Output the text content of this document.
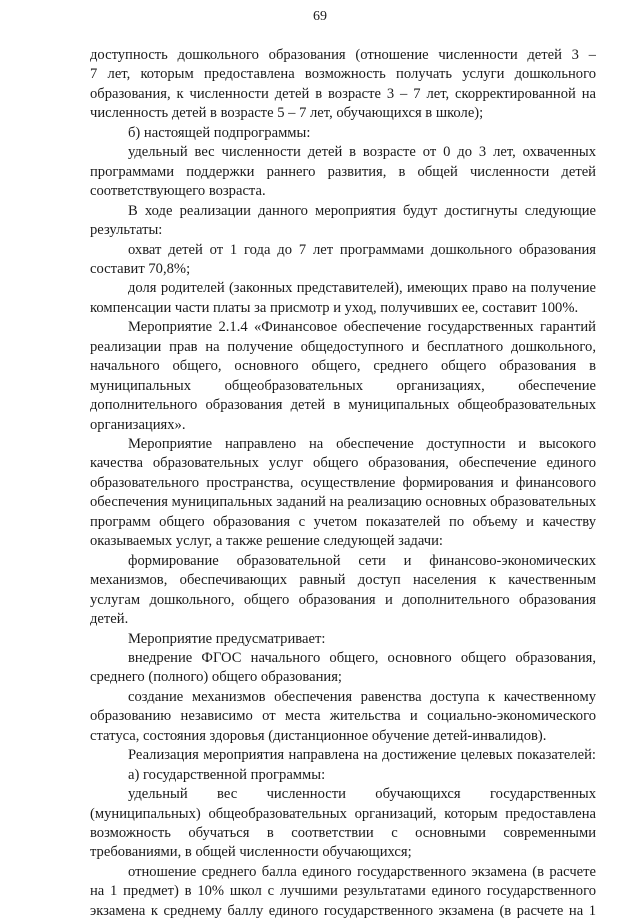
69
доступность дошкольного образования (отношение численности детей 3 –
7 лет, которым предоставлена возможность получать услуги дошкольного
образования, к численности детей в возрасте 3 – 7 лет, скорректированной на
численность детей в возрасте 5 – 7 лет, обучающихся в школе);
б) настоящей подпрограммы:
удельный вес численности детей в возрасте от 0 до 3 лет, охваченных
программами поддержки раннего развития, в общей численности детей
соответствующего возраста.
В ходе реализации данного мероприятия будут достигнуты следующие
результаты:
охват детей от 1 года до 7 лет программами дошкольного образования
составит 70,8%;
доля родителей (законных представителей), имеющих право на получение
компенсации части платы за присмотр и уход, получивших ее, составит 100%.
Мероприятие 2.1.4 «Финансовое обеспечение государственных гарантий
реализации прав на получение общедоступного и бесплатного дошкольного,
начального общего, основного общего, среднего общего образования в
муниципальных общеобразовательных организациях, обеспечение
дополнительного образования детей в муниципальных общеобразовательных
организациях».
Мероприятие направлено на обеспечение доступности и высокого
качества образовательных услуг общего образования, обеспечение единого
образовательного пространства, осуществление формирования и финансового
обеспечения муниципальных заданий на реализацию основных образовательных
программ общего образования с учетом показателей по объему и качеству
оказываемых услуг, а также решение следующей задачи:
формирование образовательной сети и финансово-экономических
механизмов, обеспечивающих равный доступ населения к качественным
услугам дошкольного, общего образования и дополнительного образования
детей.
Мероприятие предусматривает:
внедрение ФГОС начального общего, основного общего образования,
среднего (полного) общего образования;
создание механизмов обеспечения равенства доступа к качественному
образованию независимо от места жительства и социально-экономического
статуса, состояния здоровья (дистанционное обучение детей-инвалидов).
Реализация мероприятия направлена на достижение целевых показателей:
а) государственной программы:
удельный вес численности обучающихся государственных
(муниципальных) общеобразовательных организаций, которым предоставлена
возможность обучаться в соответствии с основными современными
требованиями, в общей численности обучающихся;
отношение среднего балла единого государственного экзамена (в расчете
на 1 предмет) в 10% школ с лучшими результатами единого государственного
экзамена к среднему баллу единого государственного экзамена (в расчете на 1
